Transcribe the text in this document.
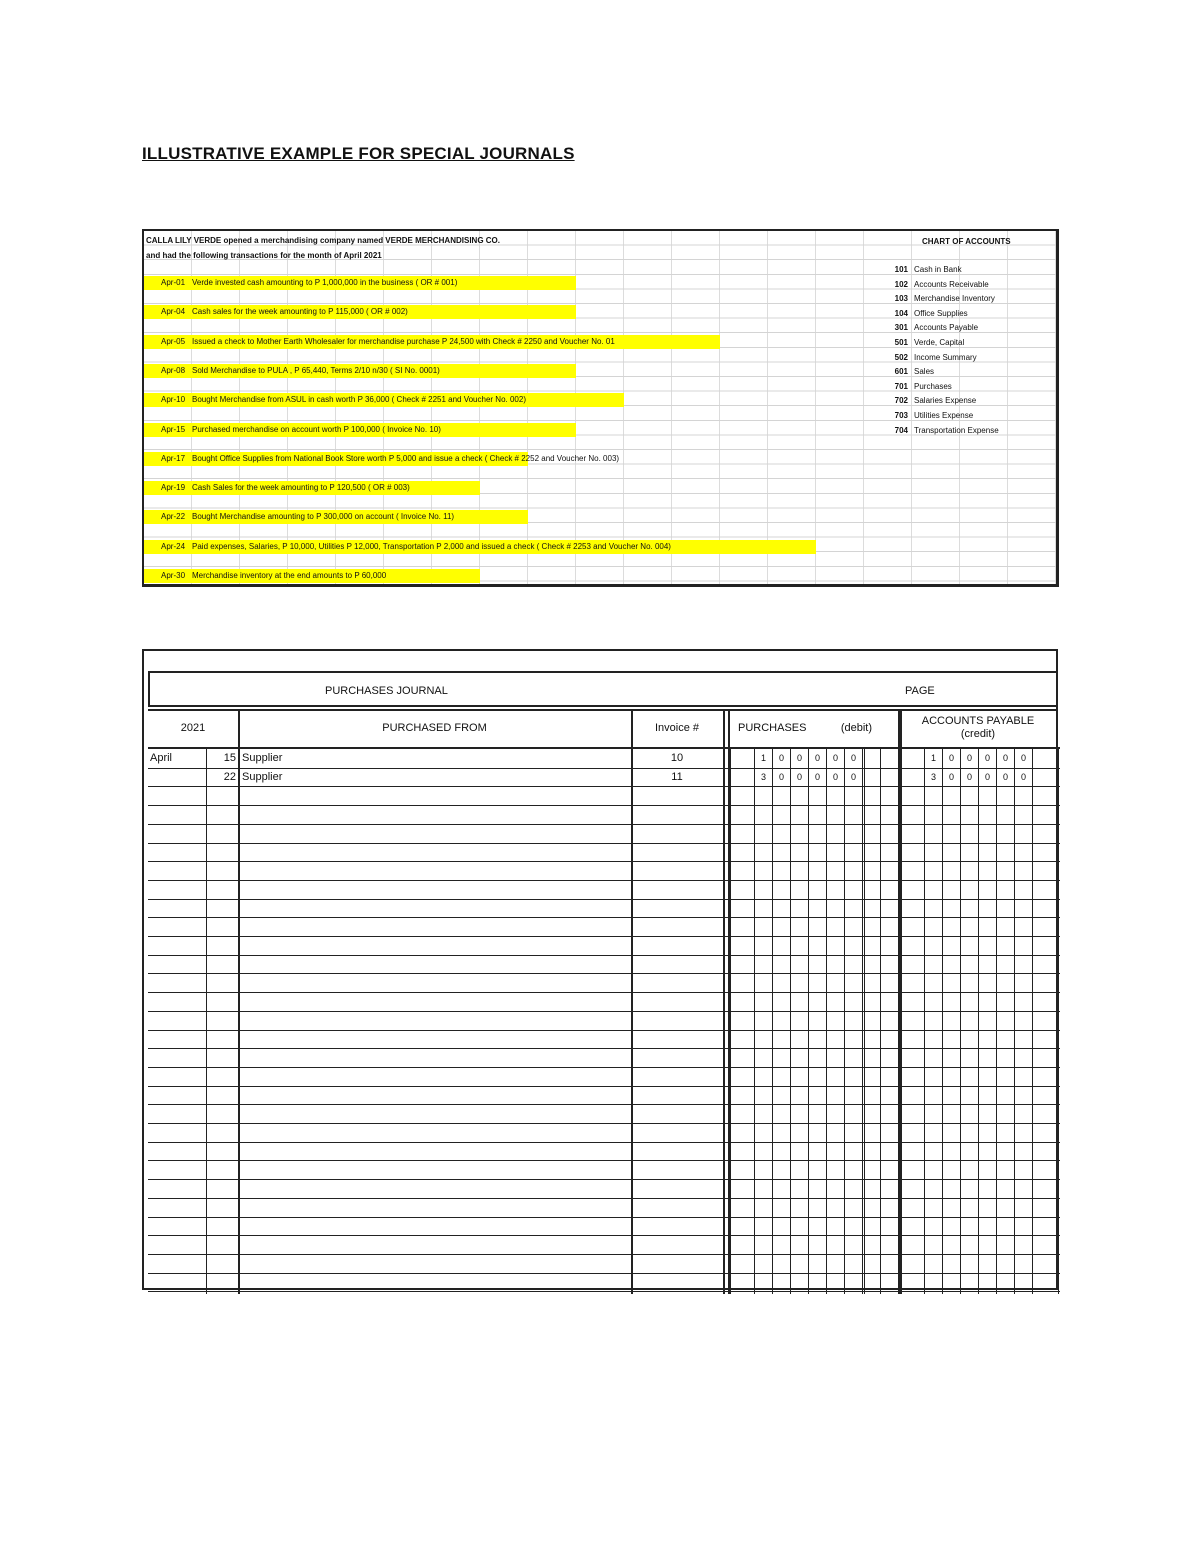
ILLUSTRATIVE EXAMPLE FOR SPECIAL JOURNALS
CALLA LILY VERDE opened a merchandising company named VERDE MERCHANDISING CO.
and had the following transactions for the month of April 2021
CHART OF ACCOUNTS
Apr-01 Verde invested cash amounting to P 1,000,000 in the business ( OR # 001)
Apr-04 Cash sales for the week amounting to P 115,000 ( OR # 002)
Apr-05 Issued a check to Mother Earth Wholesaler for merchandise purchase P 24,500 with Check # 2250 and Voucher No. 01
Apr-08 Sold Merchandise to PULA , P 65,440, Terms 2/10 n/30 ( SI No. 0001)
Apr-10 Bought Merchandise from ASUL in cash worth P 36,000 ( Check # 2251 and Voucher No. 002)
Apr-15 Purchased merchandise on account worth P 100,000 ( Invoice No. 10)
Apr-17 Bought Office Supplies from National Book Store worth P 5,000 and issue a check ( Check # 2252 and Voucher No. 003)
Apr-19 Cash Sales for the week amounting to P 120,500 ( OR # 003)
Apr-22 Bought Merchandise amounting to P 300,000 on account ( Invoice No. 11)
Apr-24 Paid expenses, Salaries, P 10,000, Utilities P 12,000, Transportation P 2,000 and issued a check ( Check # 2253 and Voucher No. 004)
Apr-30 Merchandise inventory at the end amounts to P 60,000
101 Cash in Bank
102 Accounts Receivable
103 Merchandise Inventory
104 Office Supplies
301 Accounts Payable
501 Verde, Capital
502 Income Summary
601 Sales
701 Purchases
702 Salaries Expense
703 Utilities Expense
704 Transportation Expense
PURCHASES JOURNAL	PAGE
2021	PURCHASED FROM	Invoice #	PURCHASES	(debit)
ACCOUNTS PAYABLE
(credit)
April	15 Supplier	10	1	0	0	0	0	0	1	0	0	0	0	0
22 Supplier	11	3	0	0	0	0	0	3	0	0	0	0	0
